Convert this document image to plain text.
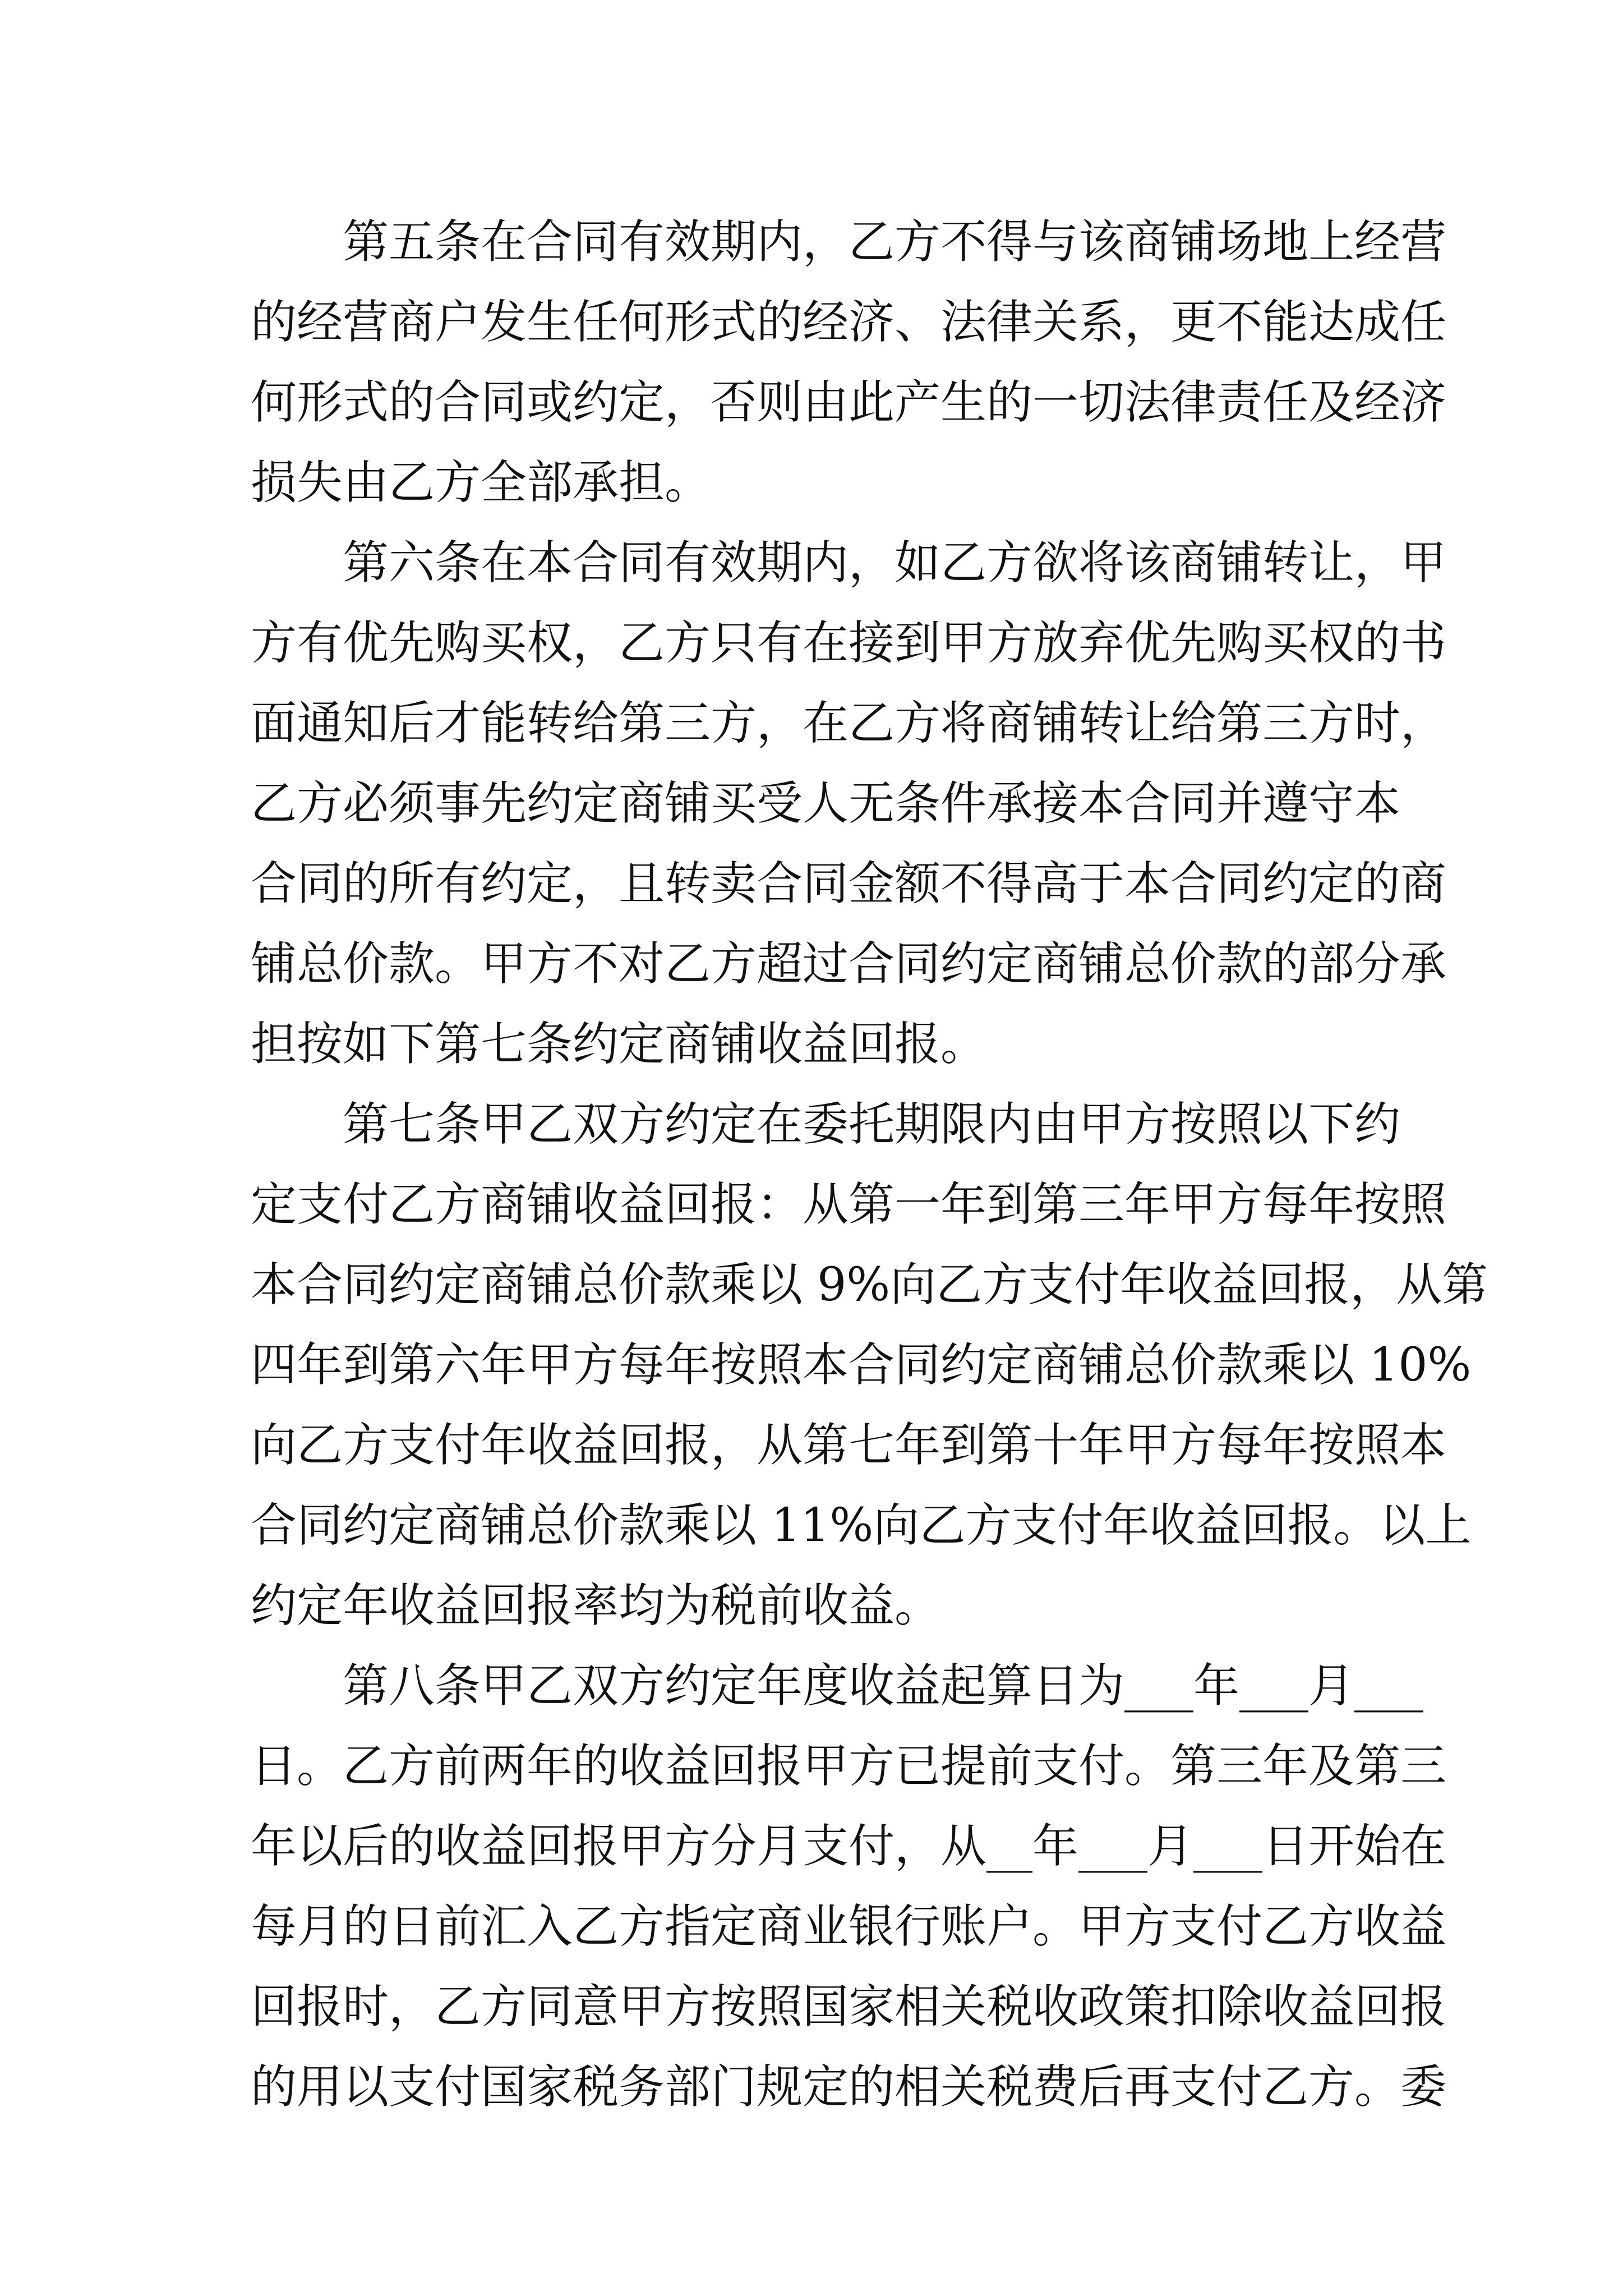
　　第五条在合同有效期内，乙方不得与该商铺场地上经营
的经营商户发生任何形式的经济、法律关系，更不能达成任
何形式的合同或约定，否则由此产生的一切法律责任及经济
损失由乙方全部承担。
　　第六条在本合同有效期内，如乙方欲将该商铺转让，甲
方有优先购买权，乙方只有在接到甲方放弃优先购买权的书
面通知后才能转给第三方，在乙方将商铺转让给第三方时，
乙方必须事先约定商铺买受人无条件承接本合同并遵守本
合同的所有约定，且转卖合同金额不得高于本合同约定的商
铺总价款。甲方不对乙方超过合同约定商铺总价款的部分承
担按如下第七条约定商铺收益回报。
　　第七条甲乙双方约定在委托期限内由甲方按照以下约
定支付乙方商铺收益回报：从第一年到第三年甲方每年按照
本合同约定商铺总价款乘以 9%向乙方支付年收益回报，从第
四年到第六年甲方每年按照本合同约定商铺总价款乘以 10%
向乙方支付年收益回报，从第七年到第十年甲方每年按照本
合同约定商铺总价款乘以 11%向乙方支付年收益回报。以上
约定年收益回报率均为税前收益。
　　第八条甲乙双方约定年度收益起算日为___年___月___
日。乙方前两年的收益回报甲方已提前支付。第三年及第三
年以后的收益回报甲方分月支付，从__年___月___日开始在
每月的日前汇入乙方指定商业银行账户。甲方支付乙方收益
回报时，乙方同意甲方按照国家相关税收政策扣除收益回报
的用以支付国家税务部门规定的相关税费后再支付乙方。委
